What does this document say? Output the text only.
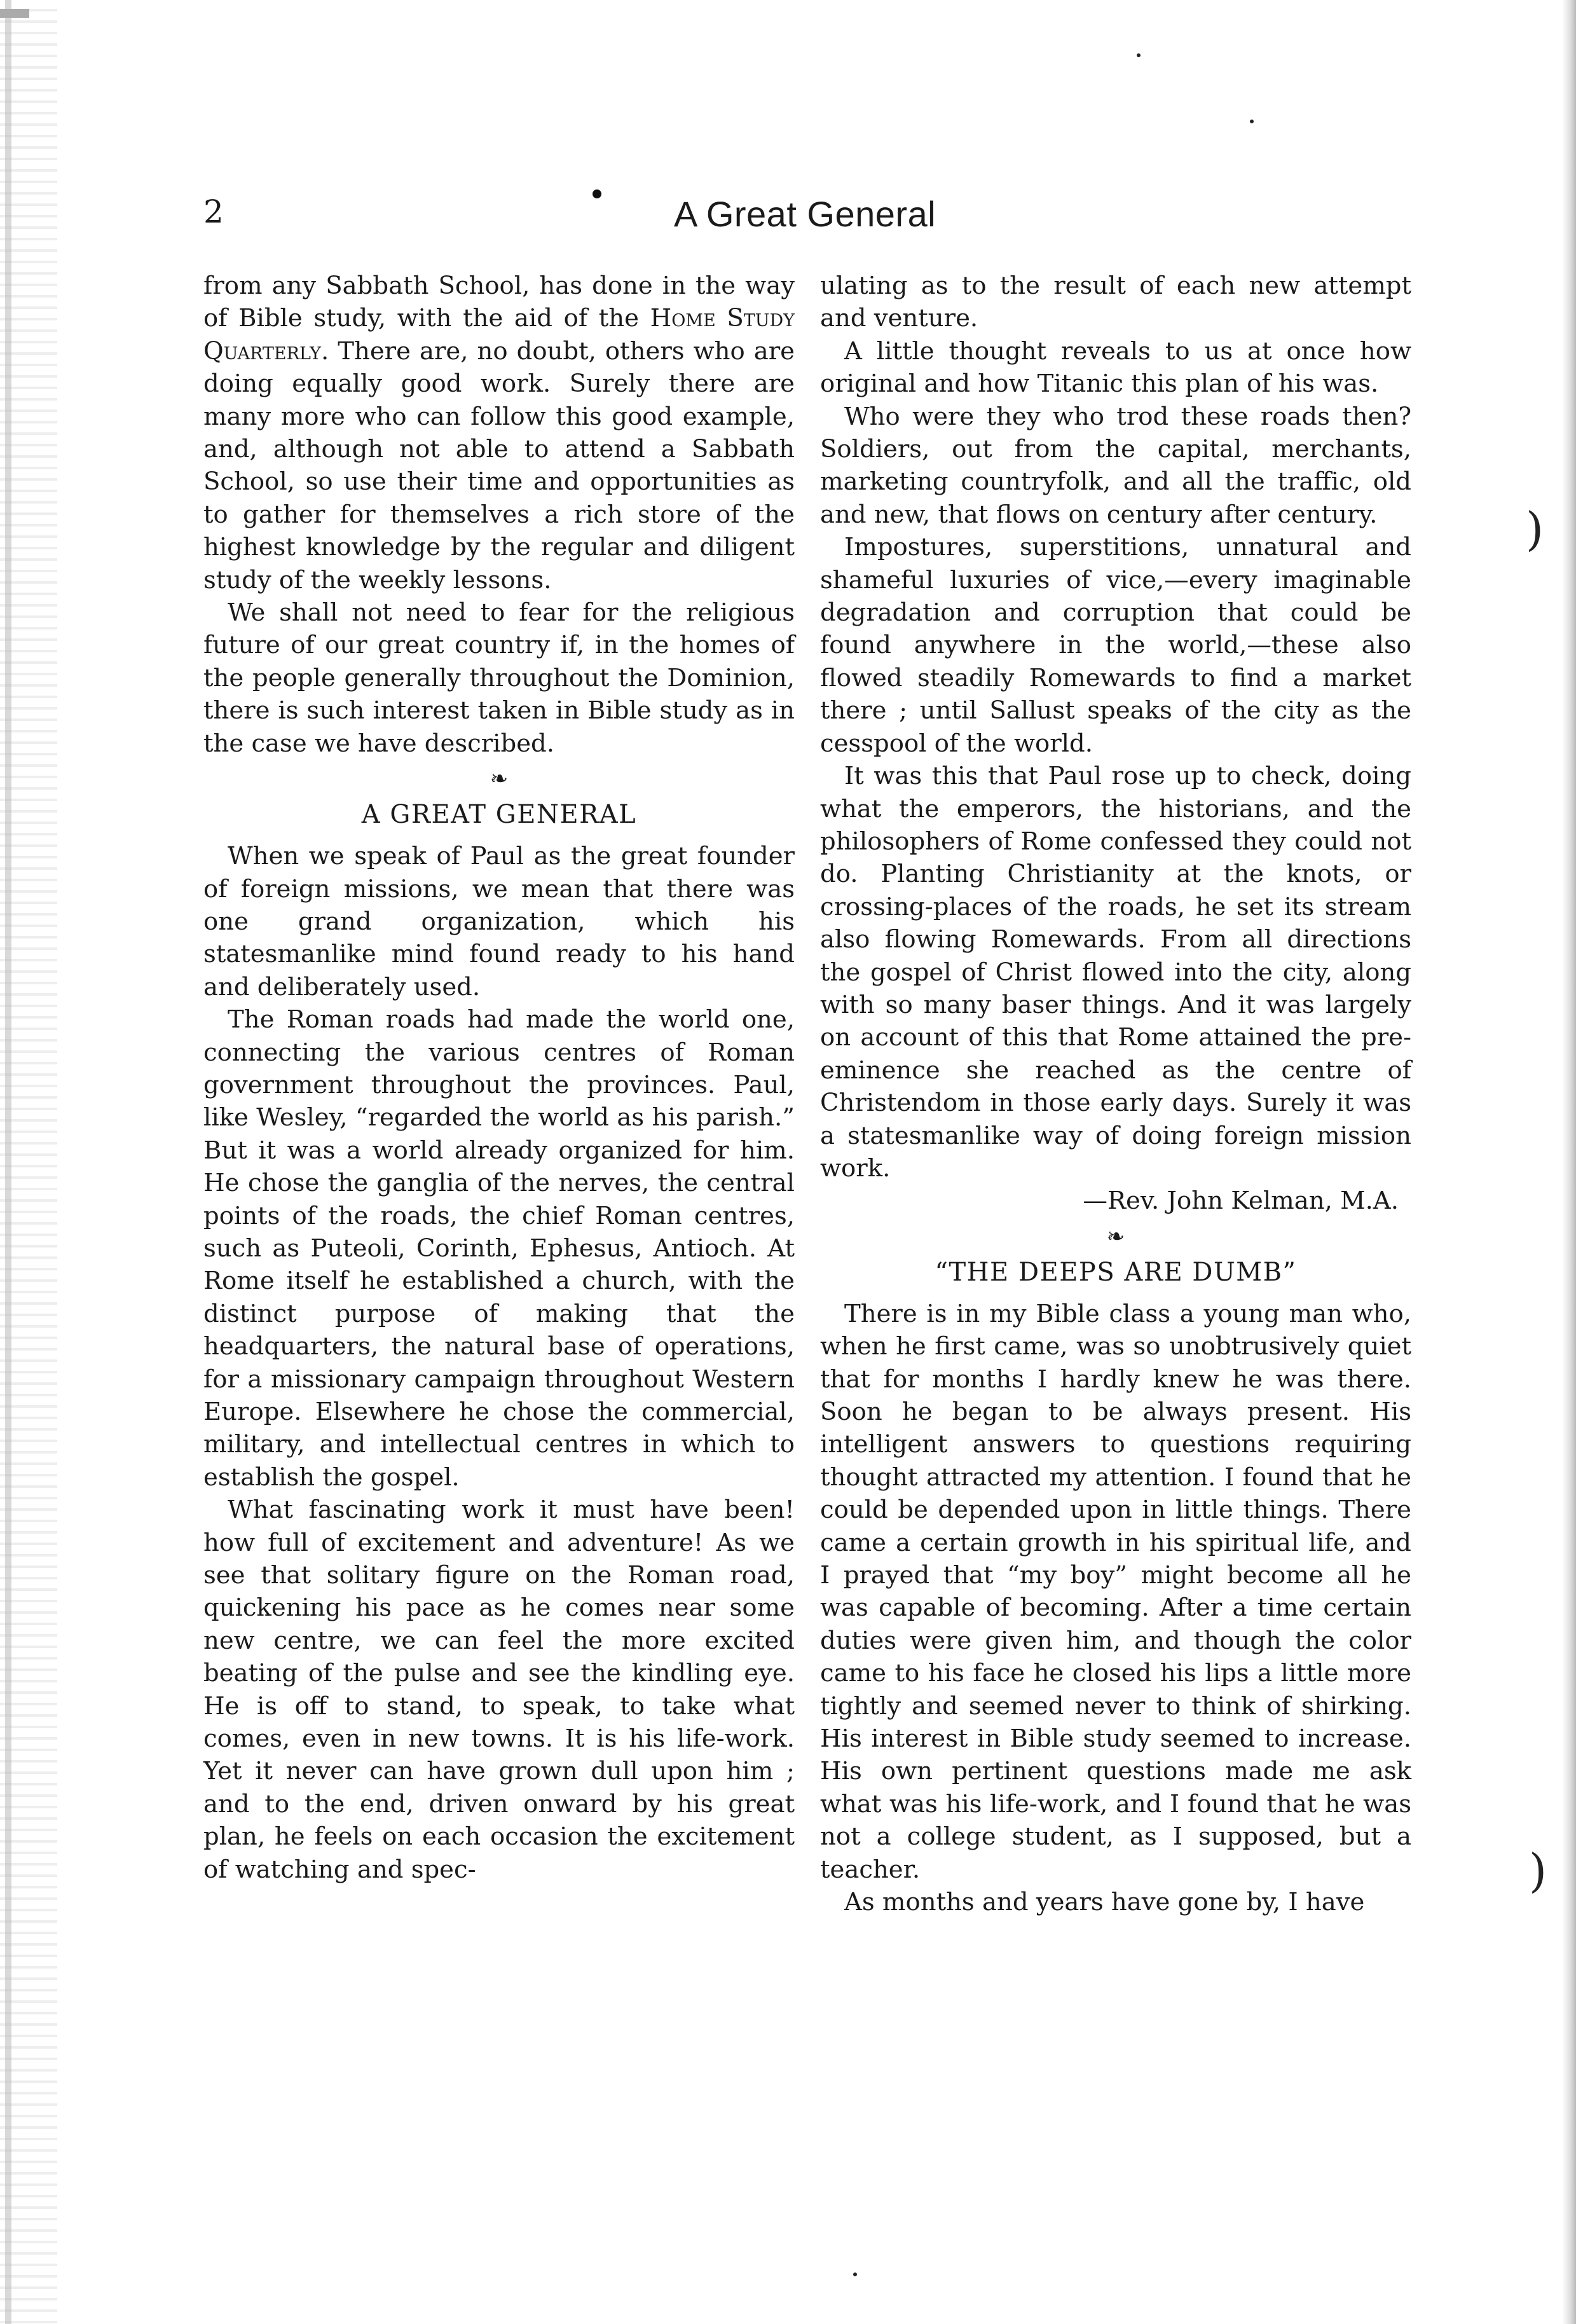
)
)
2	A Great General

from any Sabbath School, has done in the way of Bible study, with the aid of the Home Study Quarterly. There are, no doubt, others who are doing equally good work. Surely there are many more who can follow this good example, and, although not able to attend a Sabbath School, so use their time and opportunities as to gather for themselves a rich store of the highest knowledge by the regular and diligent study of the weekly lessons.

We shall not need to fear for the religious future of our great country if, in the homes of the people generally throughout the Dominion, there is such interest taken in Bible study as in the case we have described.

❧
A GREAT GENERAL

When we speak of Paul as the great founder of foreign missions, we mean that there was one grand organization, which his statesmanlike mind found ready to his hand and deliberately used.

The Roman roads had made the world one, connecting the various centres of Roman government throughout the provinces. Paul, like Wesley, “regarded the world as his parish.” But it was a world already organized for him. He chose the ganglia of the nerves, the central points of the roads, the chief Roman centres, such as Puteoli, Corinth, Ephesus, Antioch. At Rome itself he established a church, with the distinct purpose of making that the headquarters, the natural base of operations, for a missionary campaign throughout Western Europe. Elsewhere he chose the commercial, military, and intellectual centres in which to establish the gospel.

What fascinating work it must have been! how full of excitement and adventure! As we see that solitary figure on the Roman road, quickening his pace as he comes near some new centre, we can feel the more excited beating of the pulse and see the kindling eye. He is off to stand, to speak, to take what comes, even in new towns. It is his life-work. Yet it never can have grown dull upon him ; and to the end, driven onward by his great plan, he feels on each occasion the excitement of watching and spec-

ulating as to the result of each new attempt and venture.

A little thought reveals to us at once how original and how Titanic this plan of his was.

Who were they who trod these roads then? Soldiers, out from the capital, merchants, marketing countryfolk, and all the traffic, old and new, that flows on century after century.

Impostures, superstitions, unnatural and shameful luxuries of vice,—every imaginable degradation and corruption that could be found anywhere in the world,—these also flowed steadily Romewards to find a market there ; until Sallust speaks of the city as the cesspool of the world.

It was this that Paul rose up to check, doing what the emperors, the historians, and the philosophers of Rome confessed they could not do. Planting Christianity at the knots, or crossing-places of the roads, he set its stream also flowing Romewards. From all directions the gospel of Christ flowed into the city, along with so many baser things. And it was largely on account of this that Rome attained the pre-eminence she reached as the centre of Christendom in those early days. Surely it was a statesmanlike way of doing foreign mission work.

—Rev. John Kelman, M.A.

❧
“THE DEEPS ARE DUMB”

There is in my Bible class a young man who, when he first came, was so unobtrusively quiet that for months I hardly knew he was there. Soon he began to be always present. His intelligent answers to questions requiring thought attracted my attention. I found that he could be depended upon in little things. There came a certain growth in his spiritual life, and I prayed that “my boy” might become all he was capable of becoming. After a time certain duties were given him, and though the color came to his face he closed his lips a little more tightly and seemed never to think of shirking. His interest in Bible study seemed to increase. His own pertinent questions made me ask what was his life-work, and I found that he was not a college student, as I supposed, but a teacher.

As months and years have gone by, I have
